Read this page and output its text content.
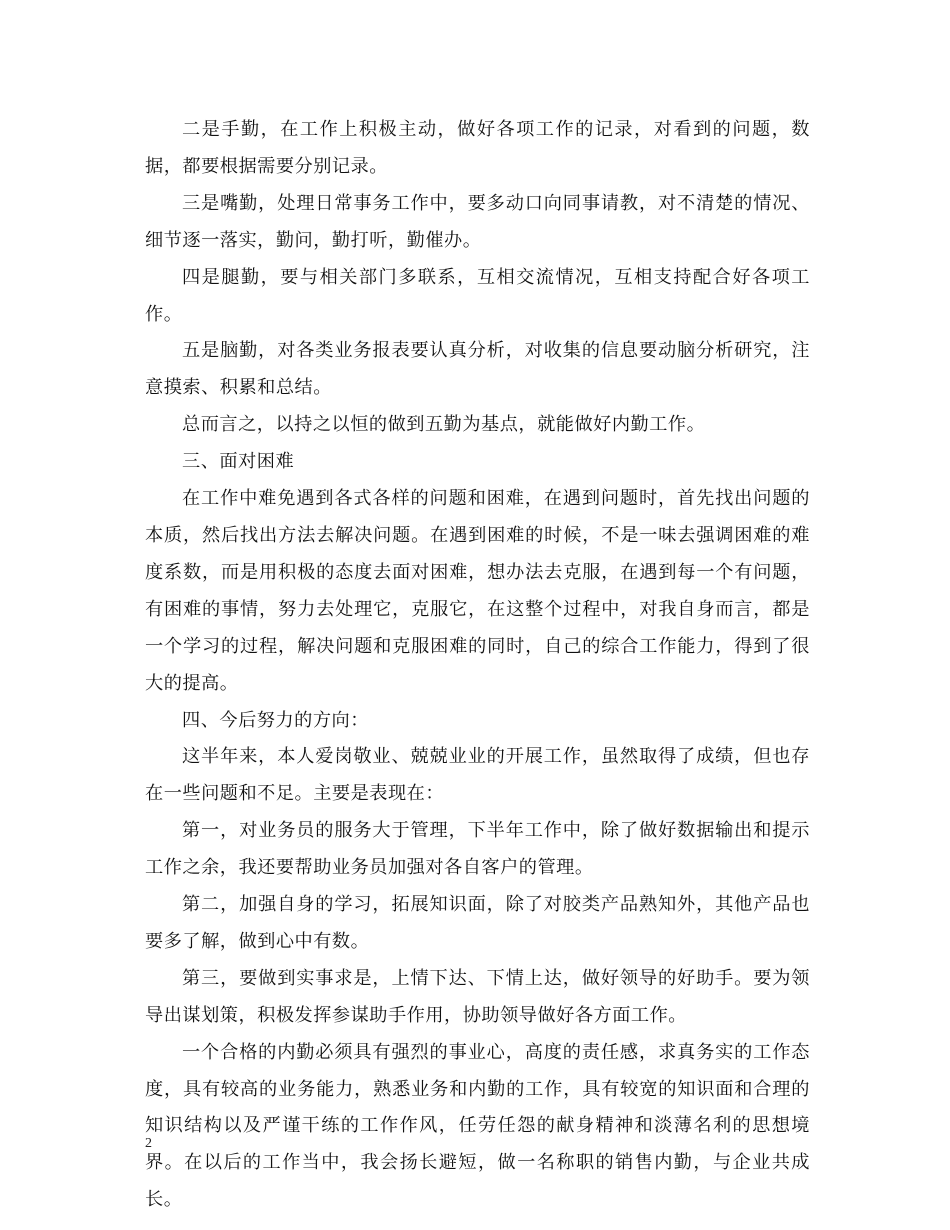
二是手勤，在工作上积极主动，做好各项工作的记录，对看到的问题，数据，都要根据需要分别记录。

三是嘴勤，处理日常事务工作中，要多动口向同事请教，对不清楚的情况、细节逐一落实，勤问，勤打听，勤催办。

四是腿勤，要与相关部门多联系，互相交流情况，互相支持配合好各项工作。

五是脑勤，对各类业务报表要认真分析，对收集的信息要动脑分析研究，注意摸索、积累和总结。

总而言之，以持之以恒的做到五勤为基点，就能做好内勤工作。

三、面对困难

在工作中难免遇到各式各样的问题和困难，在遇到问题时，首先找出问题的本质，然后找出方法去解决问题。在遇到困难的时候，不是一味去强调困难的难度系数，而是用积极的态度去面对困难，想办法去克服，在遇到每一个有问题，有困难的事情，努力去处理它，克服它，在这整个过程中，对我自身而言，都是一个学习的过程，解决问题和克服困难的同时，自己的综合工作能力，得到了很大的提高。

四、今后努力的方向：

这半年来，本人爱岗敬业、兢兢业业的开展工作，虽然取得了成绩，但也存在一些问题和不足。主要是表现在：

第一，对业务员的服务大于管理，下半年工作中，除了做好数据输出和提示工作之余，我还要帮助业务员加强对各自客户的管理。

第二，加强自身的学习，拓展知识面，除了对胶类产品熟知外，其他产品也要多了解，做到心中有数。

第三，要做到实事求是，上情下达、下情上达，做好领导的好助手。要为领导出谋划策，积极发挥参谋助手作用，协助领导做好各方面工作。

一个合格的内勤必须具有强烈的事业心，高度的责任感，求真务实的工作态度，具有较高的业务能力，熟悉业务和内勤的工作，具有较宽的知识面和合理的知识结构以及严谨干练的工作作风，任劳任怨的献身精神和淡薄名利的思想境界。在以后的工作当中，我会扬长避短，做一名称职的销售内勤，与企业共成长。

2
